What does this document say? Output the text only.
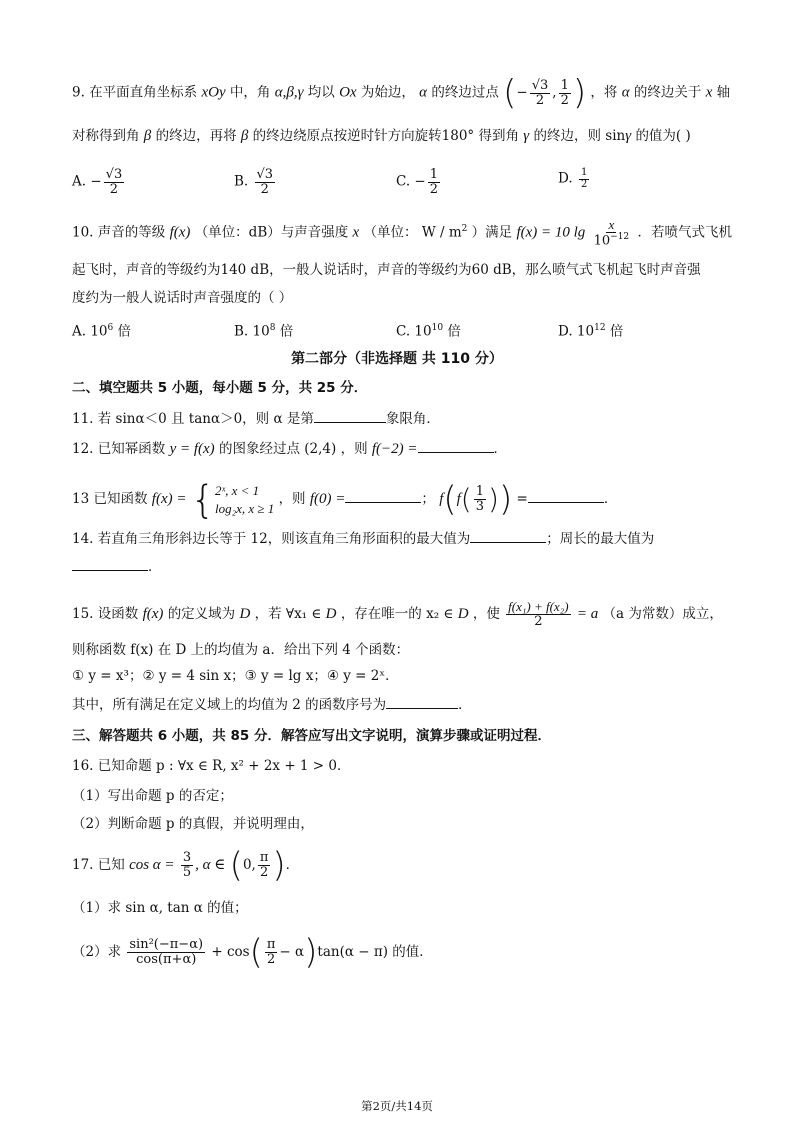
9. 在平面直角坐标系 xOy 中，角 α,β,γ 均以 Ox 为始边， α 的终边过点 (− $\frac{√3}{2}$ , $\frac{1}{2}$ ) ，将 α 的终边关于 x 轴
对称得到角 β 的终边，再将 β 的终边绕原点按逆时针方向旋转180° 得到角 γ 的终边，则 sinγ 的值为( )
A. − $\frac{√3}{2}$	B. $\frac{√3}{2}$	C. − $\frac{1}{2}$	D. $\frac{1}{2}$
10. 声音的等级 f(x) （单位：dB）与声音强度 x （单位： W / $m^2$ ）满足 f(x) = 10 $\lg \frac{x}{10^{-12}}$ ．若喷气式飞机
起飞时，声音的等级约为140 dB，一般人说话时，声音的等级约为60 dB，那么喷气式飞机起飞时声音强
度约为一般人说话时声音强度的（ ）
A. $10^6$ 倍	B. $10^8$ 倍	C. $10^{10}$ 倍	D. $10^{12}$ 倍
第二部分（非选择题 共 110 分）
二、填空题共 5 小题，每小题 5 分，共 25 分．
11. 若 sinα＜0 且 tanα＞0，则 α 是第	象限角．
12. 已知幂函数 y = f(x) 的图象经过点 (2,4) ，则 f(−2) =	．
13 已知函数 f(x) = { 2ˣ, x < 1
log₂x, x ≥ 1
，则 f(0) =	； $f(f( \frac{1}{3}$ )) =	．
14. 若直角三角形斜边长等于 12，则该直角三角形面积的最大值为	；周长的最大值为
．
15. 设函数 f(x) 的定义域为 D ，若 ∀x₁ ∈ D ，存在唯一的 x₂ ∈ D ，使 $\frac{\text{f(x₁) + f(x₂)}}{2} = a$ （a 为常数）成立，
则称函数 f(x) 在 D 上的均值为 a．给出下列 4 个函数：
① y = x³；② y = 4 sin x；③ y = lg x；④ y = 2ˣ．
其中，所有满足在定义域上的均值为 2 的函数序号为	．
三、解答题共 6 小题，共 85 分．解答应写出文字说明，演算步骤或证明过程．
16. 已知命题 p : ∀x ∈ R, x² + 2x + 1 > 0．
（1）写出命题 p 的否定；
（2）判断命题 p 的真假，并说明理由，
17. 已知 $\cos \alpha = \frac{3}{5}$ , α ∈ (0, $\frac{\pi}{2}$ )．
（1）求 sin α, tan α 的值；
（2）求 $\frac{\text{sin²(−π−α)}}{\cos(\pi+\alpha)} + \cos( \frac{\pi}{2} - \alpha)\tan(\alpha - \pi)$ 的值．
第2页/共14页
